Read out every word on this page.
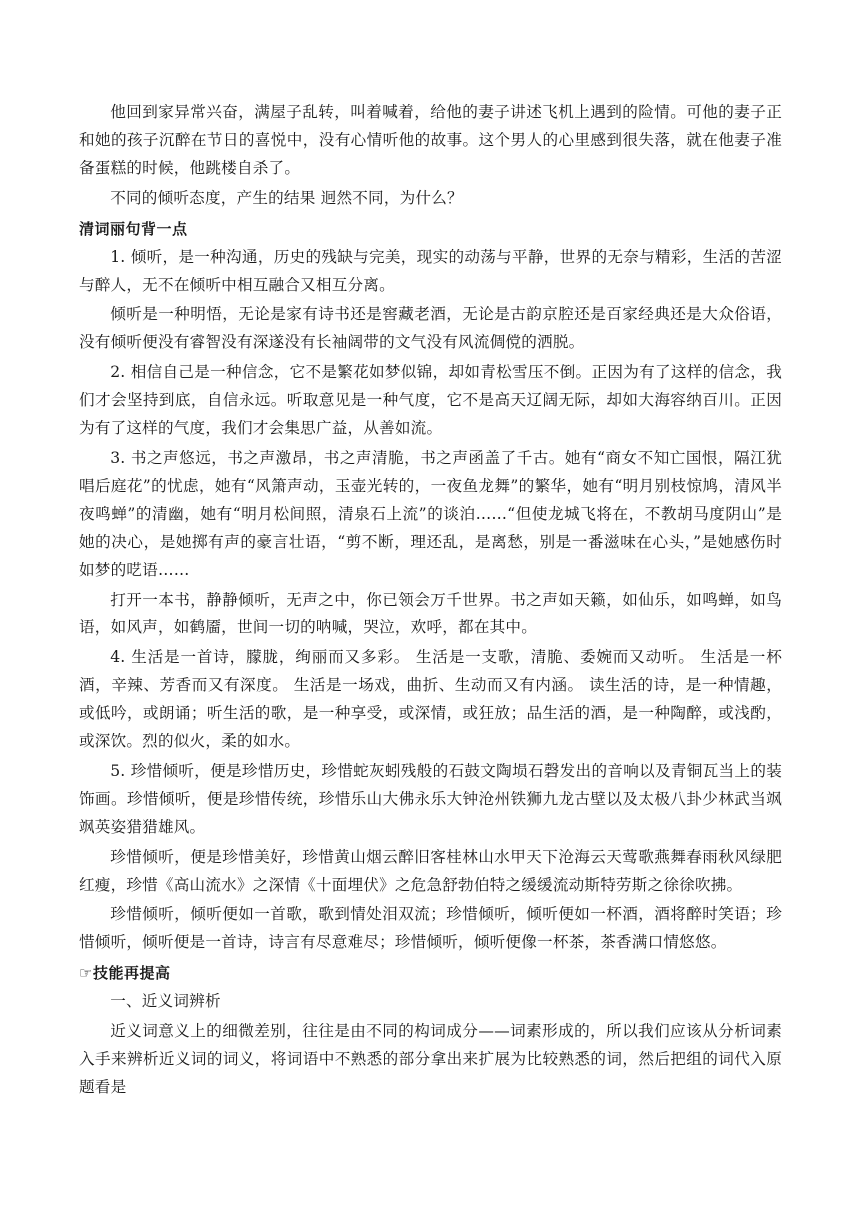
他回到家异常兴奋，满屋子乱转，叫着喊着，给他的妻子讲述飞机上遇到的险情。可他的妻子正和她的孩子沉醉在节日的喜悦中，没有心情听他的故事。这个男人的心里感到很失落，就在他妻子准备蛋糕的时候，他跳楼自杀了。

不同的倾听态度，产生的结果 迥然不同，为什么？

清词丽句背一点

1. 倾听，是一种沟通，历史的残缺与完美，现实的动荡与平静，世界的无奈与精彩，生活的苦涩与醉人，无不在倾听中相互融合又相互分离。

倾听是一种明悟，无论是家有诗书还是窖藏老酒，无论是古韵京腔还是百家经典还是大众俗语，没有倾听便没有睿智没有深遂没有长袖阔带的文气没有风流倜傥的洒脱。

2. 相信自己是一种信念，它不是繁花如梦似锦，却如青松雪压不倒。正因为有了这样的信念，我们才会坚持到底，自信永远。听取意见是一种气度，它不是高天辽阔无际，却如大海容纳百川。正因为有了这样的气度，我们才会集思广益，从善如流。

3. 书之声悠远，书之声激昂，书之声清脆，书之声函盖了千古。她有“商女不知亡国恨，隔江犹唱后庭花”的忧虑，她有“风箫声动，玉壶光转的，一夜鱼龙舞”的繁华，她有“明月别枝惊鸠，清风半夜鸣蝉”的清幽，她有“明月松间照，清泉石上流”的谈泊……“但使龙城飞将在，不教胡马度阴山”是她的决心，是她掷有声的豪言壮语，“剪不断，理还乱，是离愁，别是一番滋味在心头，”是她感伤时如梦的呓语……

打开一本书，静静倾听，无声之中，你已领会万千世界。书之声如天籁，如仙乐，如鸣蝉，如鸟语，如风声，如鹤靥，世间一切的呐喊，哭泣，欢呼，都在其中。

4. 生活是一首诗，朦胧，绚丽而又多彩。 生活是一支歌，清脆、委婉而又动听。 生活是一杯酒，辛辣、芳香而又有深度。 生活是一场戏，曲折、生动而又有内涵。 读生活的诗，是一种情趣，或低吟，或朗诵；听生活的歌，是一种享受，或深情，或狂放；品生活的酒，是一种陶醉，或浅酌，或深饮。烈的似火，柔的如水。

5. 珍惜倾听，便是珍惜历史，珍惜蛇灰蚓残般的石鼓文陶埙石磬发出的音响以及青铜瓦当上的装饰画。珍惜倾听，便是珍惜传统，珍惜乐山大佛永乐大钟沧州铁狮九龙古壁以及太极八卦少林武当飒飒英姿猎猎雄风。

珍惜倾听，便是珍惜美好，珍惜黄山烟云醉旧客桂林山水甲天下沧海云天莺歌燕舞春雨秋风绿肥红瘦，珍惜《高山流水》之深情《十面埋伏》之危急舒勃伯特之缓缓流动斯特劳斯之徐徐吹拂。

珍惜倾听，倾听便如一首歌，歌到情处泪双流；珍惜倾听，倾听便如一杯酒，酒将醉时笑语；珍惜倾听，倾听便是一首诗，诗言有尽意难尽；珍惜倾听，倾听便像一杯茶，茶香满口情悠悠。

☞技能再提高

一、近义词辨析

近义词意义上的细微差别，往往是由不同的构词成分——词素形成的，所以我们应该从分析词素入手来辨析近义词的词义，将词语中不熟悉的部分拿出来扩展为比较熟悉的词，然后把组的词代入原题看是
